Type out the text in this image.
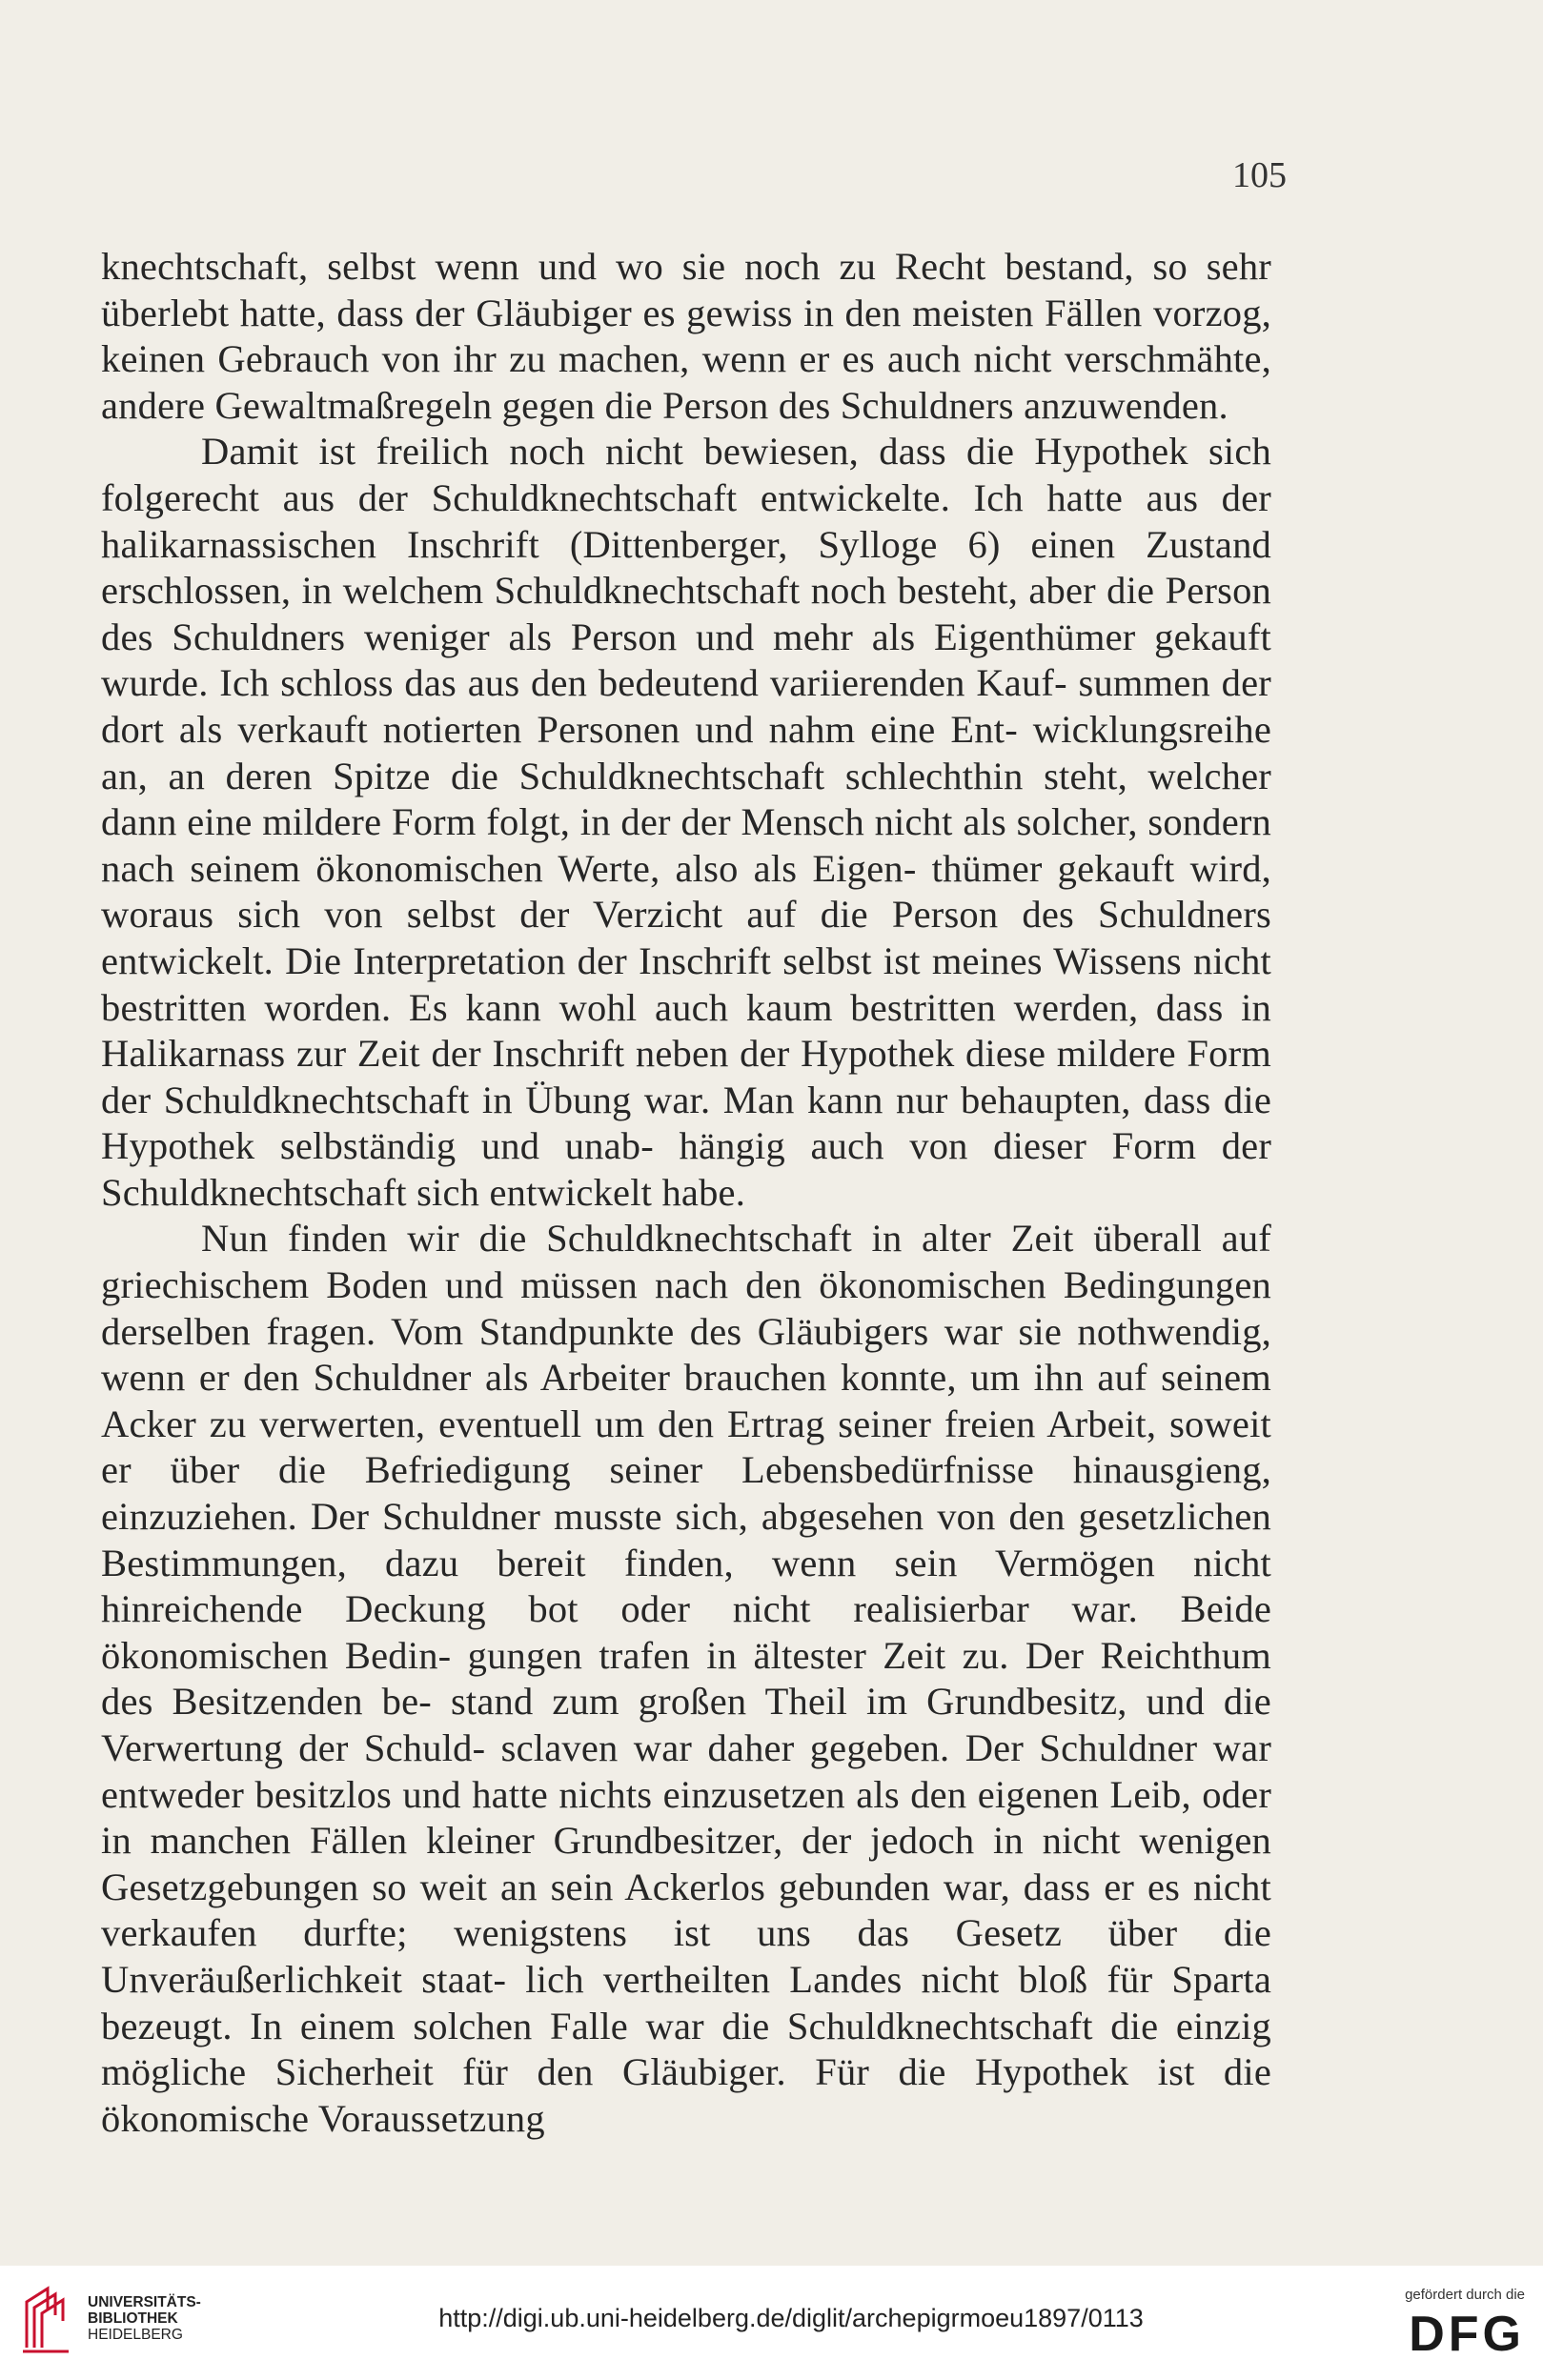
105

knechtschaft, selbst wenn und wo sie noch zu Recht bestand, so sehr überlebt hatte, dass der Gläubiger es gewiss in den meisten Fällen vorzog, keinen Gebrauch von ihr zu machen, wenn er es auch nicht verschmähte, andere Gewaltmaßregeln gegen die Person des Schuldners anzuwenden.

Damit ist freilich noch nicht bewiesen, dass die Hypothek sich folgerecht aus der Schuldknechtschaft entwickelte. Ich hatte aus der halikarnassischen Inschrift (Dittenberger, Sylloge 6) einen Zustand erschlossen, in welchem Schuldknechtschaft noch besteht, aber die Person des Schuldners weniger als Person und mehr als Eigenthümer gekauft wurde. Ich schloss das aus den bedeutend variierenden Kauf- summen der dort als verkauft notierten Personen und nahm eine Ent- wicklungsreihe an, an deren Spitze die Schuldknechtschaft schlechthin steht, welcher dann eine mildere Form folgt, in der der Mensch nicht als solcher, sondern nach seinem ökonomischen Werte, also als Eigen- thümer gekauft wird, woraus sich von selbst der Verzicht auf die Person des Schuldners entwickelt. Die Interpretation der Inschrift selbst ist meines Wissens nicht bestritten worden. Es kann wohl auch kaum bestritten werden, dass in Halikarnass zur Zeit der Inschrift neben der Hypothek diese mildere Form der Schuldknechtschaft in Übung war. Man kann nur behaupten, dass die Hypothek selbständig und unab- hängig auch von dieser Form der Schuldknechtschaft sich entwickelt habe.

Nun finden wir die Schuldknechtschaft in alter Zeit überall auf griechischem Boden und müssen nach den ökonomischen Bedingungen derselben fragen. Vom Standpunkte des Gläubigers war sie nothwendig, wenn er den Schuldner als Arbeiter brauchen konnte, um ihn auf seinem Acker zu verwerten, eventuell um den Ertrag seiner freien Arbeit, soweit er über die Befriedigung seiner Lebensbedürfnisse hinausgieng, einzuziehen. Der Schuldner musste sich, abgesehen von den gesetzlichen Bestimmungen, dazu bereit finden, wenn sein Vermögen nicht hinreichende Deckung bot oder nicht realisierbar war. Beide ökonomischen Bedin- gungen trafen in ältester Zeit zu. Der Reichthum des Besitzenden be- stand zum großen Theil im Grundbesitz, und die Verwertung der Schuld- sclaven war daher gegeben. Der Schuldner war entweder besitzlos und hatte nichts einzusetzen als den eigenen Leib, oder in manchen Fällen kleiner Grundbesitzer, der jedoch in nicht wenigen Gesetzgebungen so weit an sein Ackerlos gebunden war, dass er es nicht verkaufen durfte; wenigstens ist uns das Gesetz über die Unveräußerlichkeit staat- lich vertheilten Landes nicht bloß für Sparta bezeugt. In einem solchen Falle war die Schuldknechtschaft die einzig mögliche Sicherheit für den Gläubiger. Für die Hypothek ist die ökonomische Voraussetzung

UNIVERSITÄTS-
BIBLIOTHEK
HEIDELBERG
http://digi.ub.uni-heidelberg.de/diglit/archepigrmoeu1897/0113
gefördert durch die
DFG
